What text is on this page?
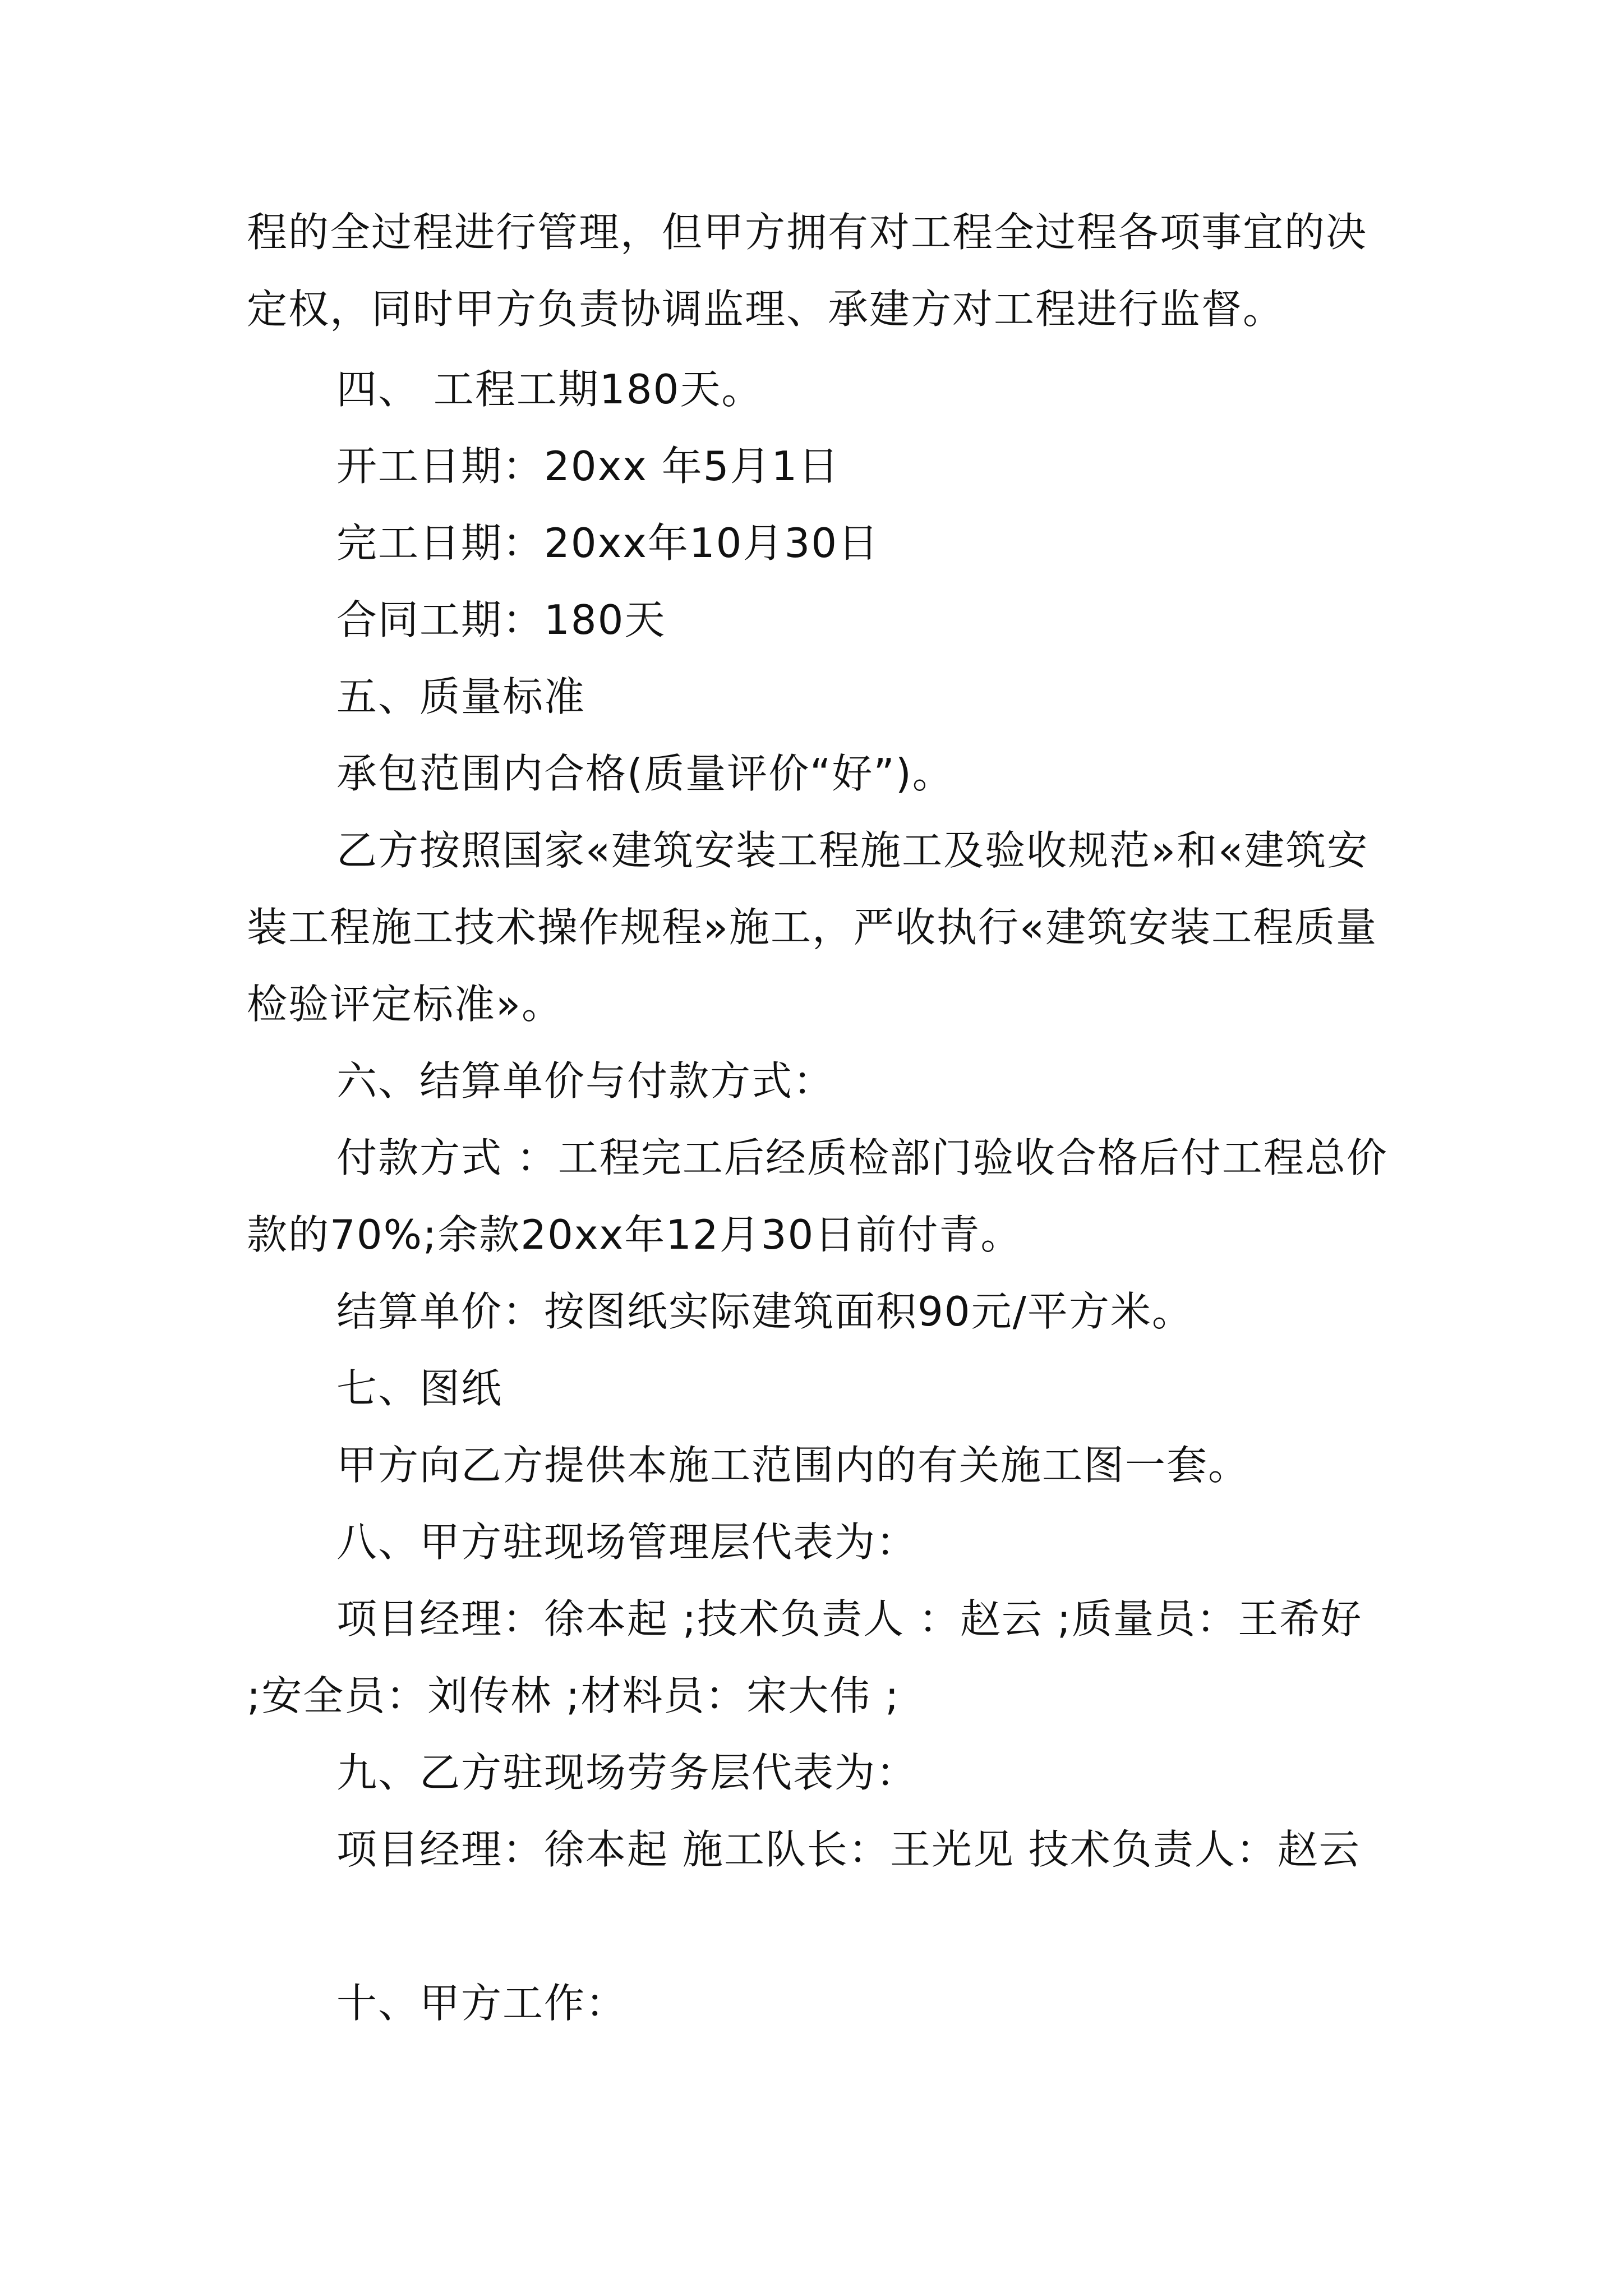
程的全过程进行管理，但甲方拥有对工程全过程各项事宜的决定权，同时甲方负责协调监理、承建方对工程进行监督。

四、 工程工期180天。

开工日期：20xx 年5月1日

完工日期：20xx年10月30日

合同工期：180天

五、质量标准

承包范围内合格(质量评价“好”)。

乙方按照国家«建筑安装工程施工及验收规范»和«建筑安装工程施工技术操作规程»施工，严收执行«建筑安装工程质量检验评定标准»。

六、结算单价与付款方式：

付款方式 ：工程完工后经质检部门验收合格后付工程总价款的70%;余款20xx年12月30日前付青。

结算单价：按图纸实际建筑面积90元/平方米。

七、图纸

甲方向乙方提供本施工范围内的有关施工图一套。

八、甲方驻现场管理层代表为：

项目经理：徐本起 ;技术负责人 ：赵云 ;质量员：王希好 ;安全员：刘传林 ;材料员：宋大伟 ;

九、乙方驻现场劳务层代表为：

项目经理：徐本起 施工队长：王光见 技术负责人：赵云

十、甲方工作：
